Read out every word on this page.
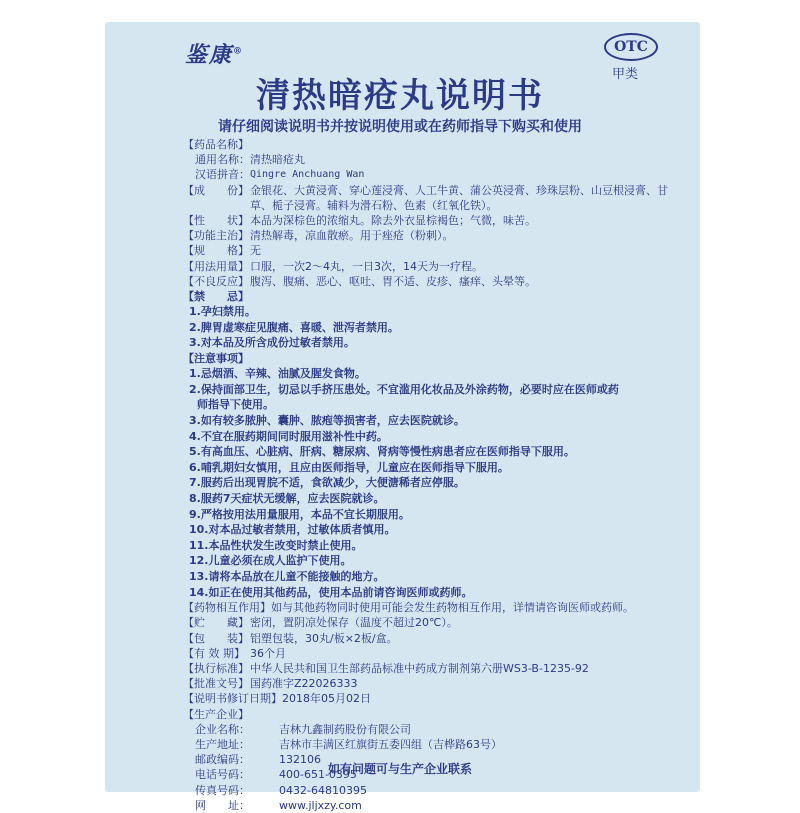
鉴康®	OTC
甲类
清热暗疮丸说明书
请仔细阅读说明书并按说明使用或在药师指导下购买和使用
【药品名称】
通用名称： 清热暗疮丸
汉语拼音： Qingre Anchuang Wan
【成　　份】 金银花、大黄浸膏、穿心莲浸膏、人工牛黄、蒲公英浸膏、珍珠层粉、山豆根浸膏、甘草、栀子浸膏。辅料为滑石粉、色素（红氧化铁）。
【性　　状】 本品为深棕色的浓缩丸。除去外衣显棕褐色；气微，味苦。
【功能主治】 清热解毒，凉血散瘀。用于痤疮（粉刺）。
【规　　格】 无
【用法用量】 口服，一次2～4丸，一日3次，14天为一疗程。
【不良反应】 腹泻、腹痛、恶心、呕吐、胃不适、皮疹、瘙痒、头晕等。
【禁　　忌】
1.孕妇禁用。
2.脾胃虚寒症见腹痛、喜暖、泄泻者禁用。
3.对本品及所含成份过敏者禁用。
【注意事项】
1.忌烟酒、辛辣、油腻及腥发食物。
2.保持面部卫生，切忌以手挤压患处。不宜滥用化妆品及外涂药物，必要时应在医师或药
师指导下使用。
3.如有较多脓肿、囊肿、脓疱等损害者，应去医院就诊。
4.不宜在服药期间同时服用滋补性中药。
5.有高血压、心脏病、肝病、糖尿病、肾病等慢性病患者应在医师指导下服用。
6.哺乳期妇女慎用，且应由医师指导，儿童应在医师指导下服用。
7.服药后出现胃脘不适，食欲减少，大便溏稀者应停服。
8.服药7天症状无缓解，应去医院就诊。
9.严格按用法用量服用，本品不宜长期服用。
10.对本品过敏者禁用，过敏体质者慎用。
11.本品性状发生改变时禁止使用。
12.儿童必须在成人监护下使用。
13.请将本品放在儿童不能接触的地方。
14.如正在使用其他药品，使用本品前请咨询医师或药师。
【药物相互作用】 如与其他药物同时使用可能会发生药物相互作用，详情请咨询医师或药师。
【贮　　藏】 密闭，置阴凉处保存（温度不超过20℃）。
【包　　装】 铝塑包装，30丸/板×2板/盒。
【有 效 期】 36个月
【执行标准】 中华人民共和国卫生部药品标准中药成方制剂第六册WS3-B-1235-92
【批准文号】 国药准字Z22026333
【说明书修订日期】 2018年05月02日
【生产企业】
企业名称：	吉林九鑫制药股份有限公司
生产地址：	吉林市丰满区红旗街五委四组（吉桦路63号）
邮政编码：	132106
电话号码：	400-651-0395
传真号码：	0432-64810395
网　　址：	www.jljxzy.com
如有问题可与生产企业联系
